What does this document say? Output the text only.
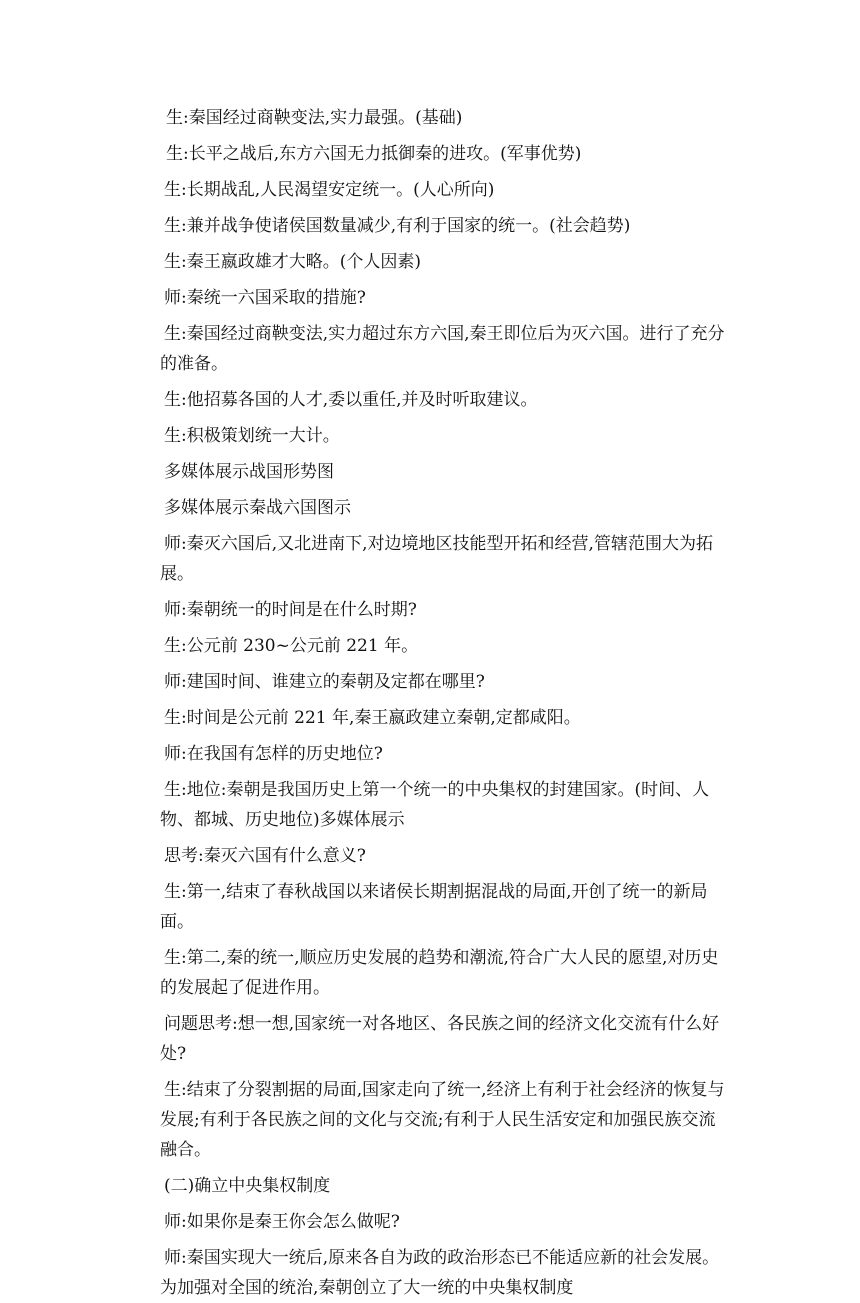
生:秦国经过商鞅变法,实力最强。(基础)

生:长平之战后,东方六国无力抵御秦的进攻。(军事优势)

生:长期战乱,人民渴望安定统一。(人心所向)

生:兼并战争使诸侯国数量减少,有利于国家的统一。(社会趋势)

生:秦王嬴政雄才大略。(个人因素)

师:秦统一六国采取的措施?

生:秦国经过商鞅变法,实力超过东方六国,秦王即位后为灭六国。进行了充分的准备。

生:他招募各国的人才,委以重任,并及时听取建议。

生:积极策划统一大计。

多媒体展示战国形势图

多媒体展示秦战六国图示

师:秦灭六国后,又北进南下,对边境地区技能型开拓和经营,管辖范围大为拓展。

师:秦朝统一的时间是在什么时期?

生:公元前 230~公元前 221 年。

师:建国时间、谁建立的秦朝及定都在哪里?

生:时间是公元前 221 年,秦王嬴政建立秦朝,定都咸阳。

师:在我国有怎样的历史地位?

生:地位:秦朝是我国历史上第一个统一的中央集权的封建国家。(时间、人物、都城、历史地位)多媒体展示

思考:秦灭六国有什么意义?

生:第一,结束了春秋战国以来诸侯长期割据混战的局面,开创了统一的新局面。

生:第二,秦的统一,顺应历史发展的趋势和潮流,符合广大人民的愿望,对历史的发展起了促进作用。

问题思考:想一想,国家统一对各地区、各民族之间的经济文化交流有什么好处?

生:结束了分裂割据的局面,国家走向了统一,经济上有利于社会经济的恢复与发展;有利于各民族之间的文化与交流;有利于人民生活安定和加强民族交流融合。

(二)确立中央集权制度

师:如果你是秦王你会怎么做呢?

师:秦国实现大一统后,原来各自为政的政治形态已不能适应新的社会发展。为加强对全国的统治,秦朝创立了大一统的中央集权制度
